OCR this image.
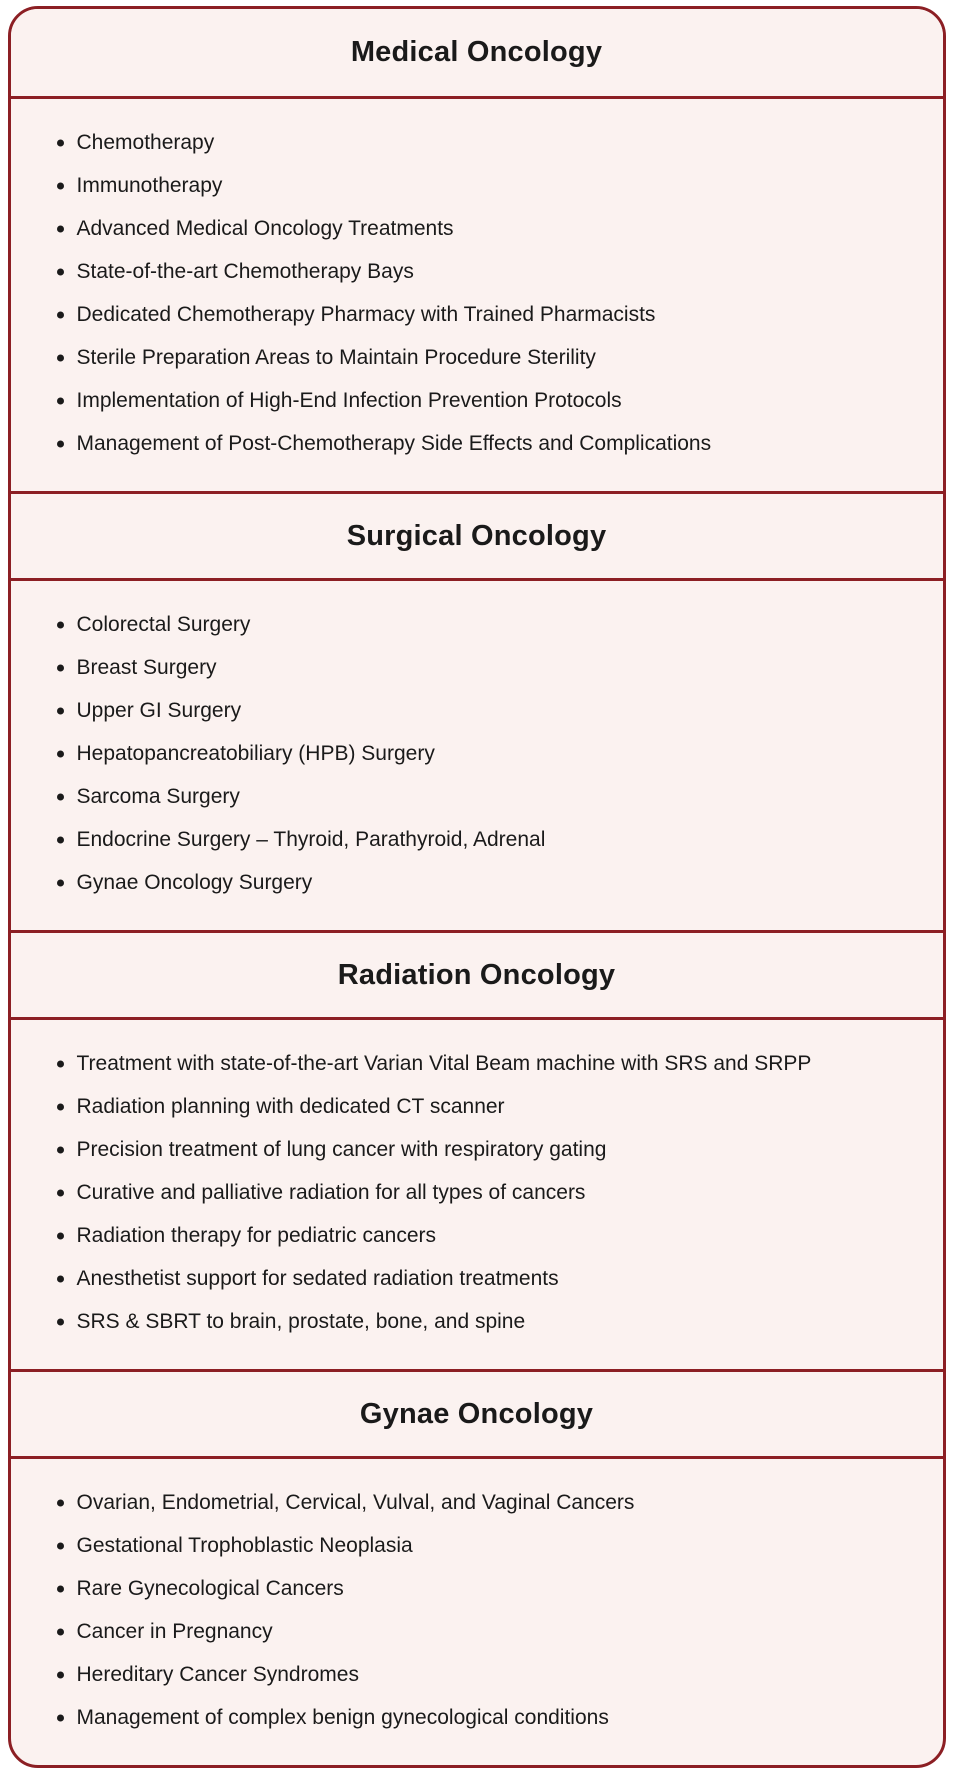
Medical Oncology
Chemotherapy
Immunotherapy
Advanced Medical Oncology Treatments
State-of-the-art Chemotherapy Bays
Dedicated Chemotherapy Pharmacy with Trained Pharmacists
Sterile Preparation Areas to Maintain Procedure Sterility
Implementation of High-End Infection Prevention Protocols
Management of Post-Chemotherapy Side Effects and Complications
Surgical Oncology
Colorectal Surgery
Breast Surgery
Upper GI Surgery
Hepatopancreatobiliary (HPB) Surgery
Sarcoma Surgery
Endocrine Surgery – Thyroid, Parathyroid, Adrenal
Gynae Oncology Surgery
Radiation Oncology
Treatment with state-of-the-art Varian Vital Beam machine with SRS and SRPP
Radiation planning with dedicated CT scanner
Precision treatment of lung cancer with respiratory gating
Curative and palliative radiation for all types of cancers
Radiation therapy for pediatric cancers
Anesthetist support for sedated radiation treatments
SRS & SBRT to brain, prostate, bone, and spine
Gynae Oncology
Ovarian, Endometrial, Cervical, Vulval, and Vaginal Cancers
Gestational Trophoblastic Neoplasia
Rare Gynecological Cancers
Cancer in Pregnancy
Hereditary Cancer Syndromes
Management of complex benign gynecological conditions
